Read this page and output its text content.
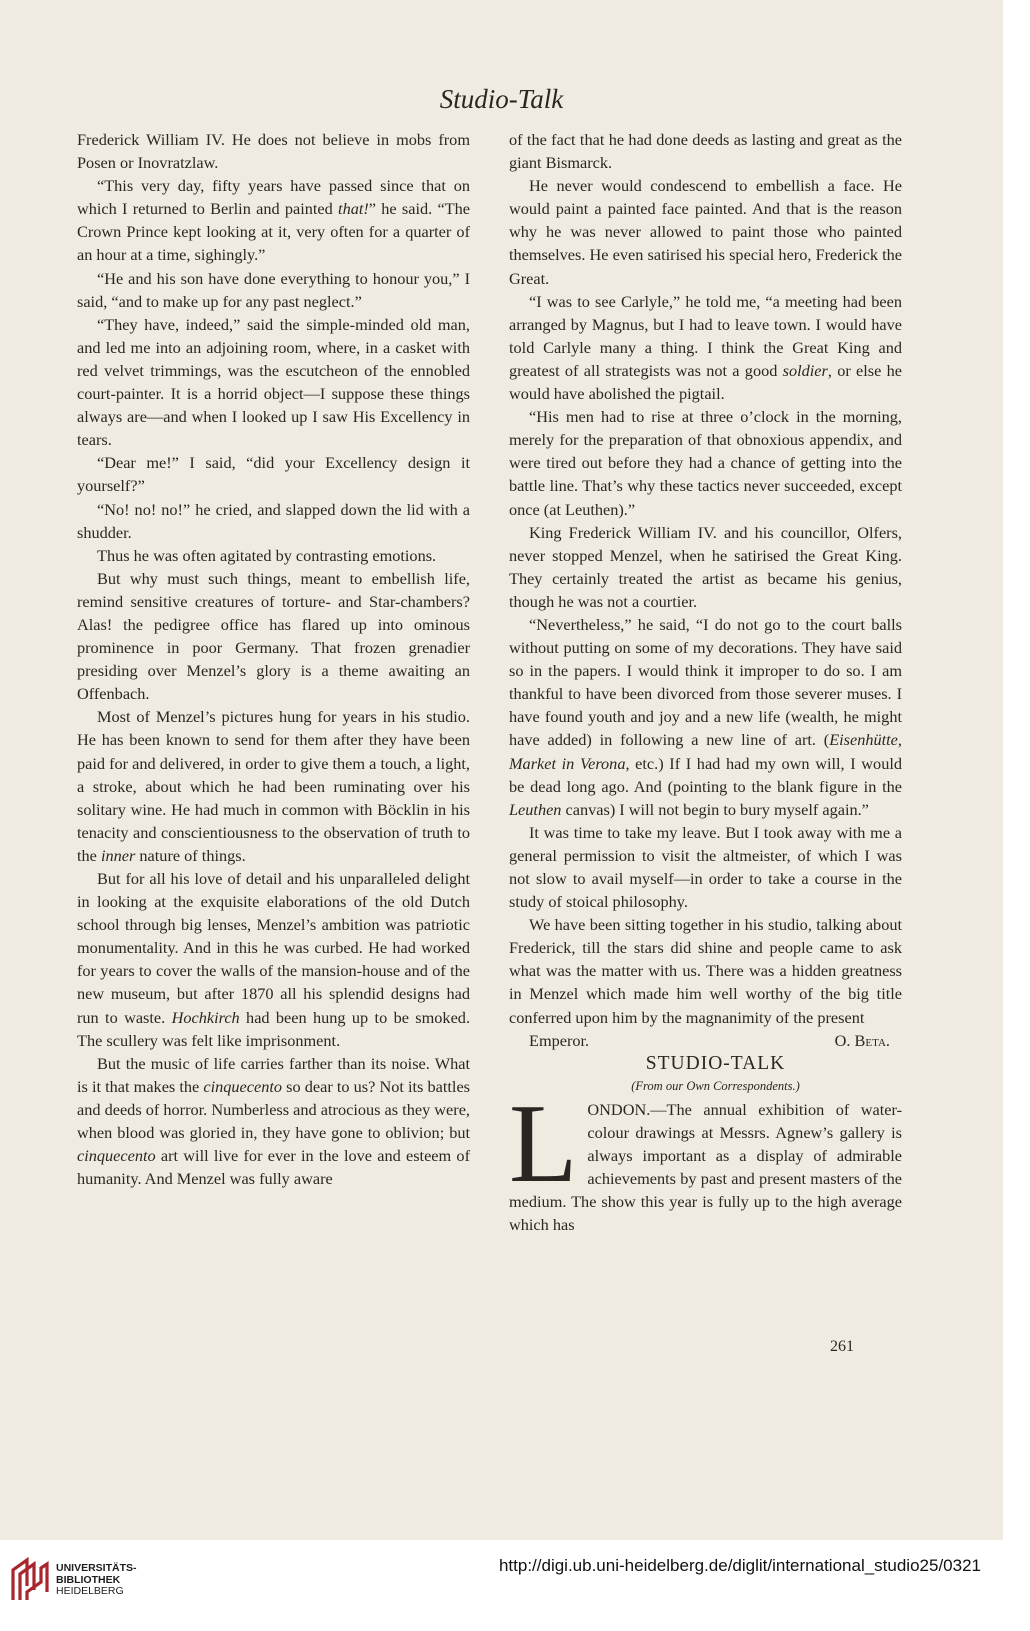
Studio-Talk

Frederick William IV. He does not believe in mobs from Posen or Inovratzlaw.

“This very day, fifty years have passed since that on which I returned to Berlin and painted that!” he said. “The Crown Prince kept looking at it, very often for a quarter of an hour at a time, sighingly.”

“He and his son have done everything to honour you,” I said, “and to make up for any past neglect.”

“They have, indeed,” said the simple-minded old man, and led me into an adjoining room, where, in a casket with red velvet trimmings, was the escutcheon of the ennobled court-painter. It is a horrid object—I suppose these things always are—and when I looked up I saw His Excellency in tears.

“Dear me!” I said, “did your Excellency design it yourself?”

“No! no! no!” he cried, and slapped down the lid with a shudder.

Thus he was often agitated by contrasting emotions.

But why must such things, meant to embellish life, remind sensitive creatures of torture- and Star-chambers? Alas! the pedigree office has flared up into ominous prominence in poor Germany. That frozen grenadier presiding over Menzel’s glory is a theme awaiting an Offenbach.

Most of Menzel’s pictures hung for years in his studio. He has been known to send for them after they have been paid for and delivered, in order to give them a touch, a light, a stroke, about which he had been ruminating over his solitary wine. He had much in common with Böcklin in his tenacity and conscientiousness to the observation of truth to the inner nature of things.

But for all his love of detail and his unparalleled delight in looking at the exquisite elaborations of the old Dutch school through big lenses, Menzel’s ambition was patriotic monumentality. And in this he was curbed. He had worked for years to cover the walls of the mansion-house and of the new museum, but after 1870 all his splendid designs had run to waste. Hochkirch had been hung up to be smoked. The scullery was felt like imprisonment.

But the music of life carries farther than its noise. What is it that makes the cinquecento so dear to us? Not its battles and deeds of horror. Numberless and atrocious as they were, when blood was gloried in, they have gone to oblivion; but cinquecento art will live for ever in the love and esteem of humanity. And Menzel was fully aware

of the fact that he had done deeds as lasting and great as the giant Bismarck.

He never would condescend to embellish a face. He would paint a painted face painted. And that is the reason why he was never allowed to paint those who painted themselves. He even satirised his special hero, Frederick the Great.

“I was to see Carlyle,” he told me, “a meeting had been arranged by Magnus, but I had to leave town. I would have told Carlyle many a thing. I think the Great King and greatest of all strategists was not a good soldier, or else he would have abolished the pigtail.

“His men had to rise at three o’clock in the morning, merely for the preparation of that obnoxious appendix, and were tired out before they had a chance of getting into the battle line. That’s why these tactics never succeeded, except once (at Leuthen).”

King Frederick William IV. and his councillor, Olfers, never stopped Menzel, when he satirised the Great King. They certainly treated the artist as became his genius, though he was not a courtier.

“Nevertheless,” he said, “I do not go to the court balls without putting on some of my decorations. They have said so in the papers. I would think it improper to do so. I am thankful to have been divorced from those severer muses. I have found youth and joy and a new life (wealth, he might have added) in following a new line of art. (Eisenhütte, Market in Verona, etc.) If I had had my own will, I would be dead long ago. And (pointing to the blank figure in the Leuthen canvas) I will not begin to bury myself again.”

It was time to take my leave. But I took away with me a general permission to visit the altmeister, of which I was not slow to avail myself—in order to take a course in the study of stoical philosophy.

We have been sitting together in his studio, talking about Frederick, till the stars did shine and people came to ask what was the matter with us. There was a hidden greatness in Menzel which made him well worthy of the big title conferred upon him by the magnanimity of the present

Emperor.	O. Beta.

STUDIO-TALK

(From our Own Correspondents.)

LONDON.—The annual exhibition of water-colour drawings at Messrs. Agnew’s gallery is always important as a display of admirable achievements by past and present masters of the medium. The show this year is fully up to the high average which has

261
UNIVERSITÄTS-
BIBLIOTHEK
HEIDELBERG
http://digi.ub.uni-heidelberg.de/diglit/international_studio25/0321
